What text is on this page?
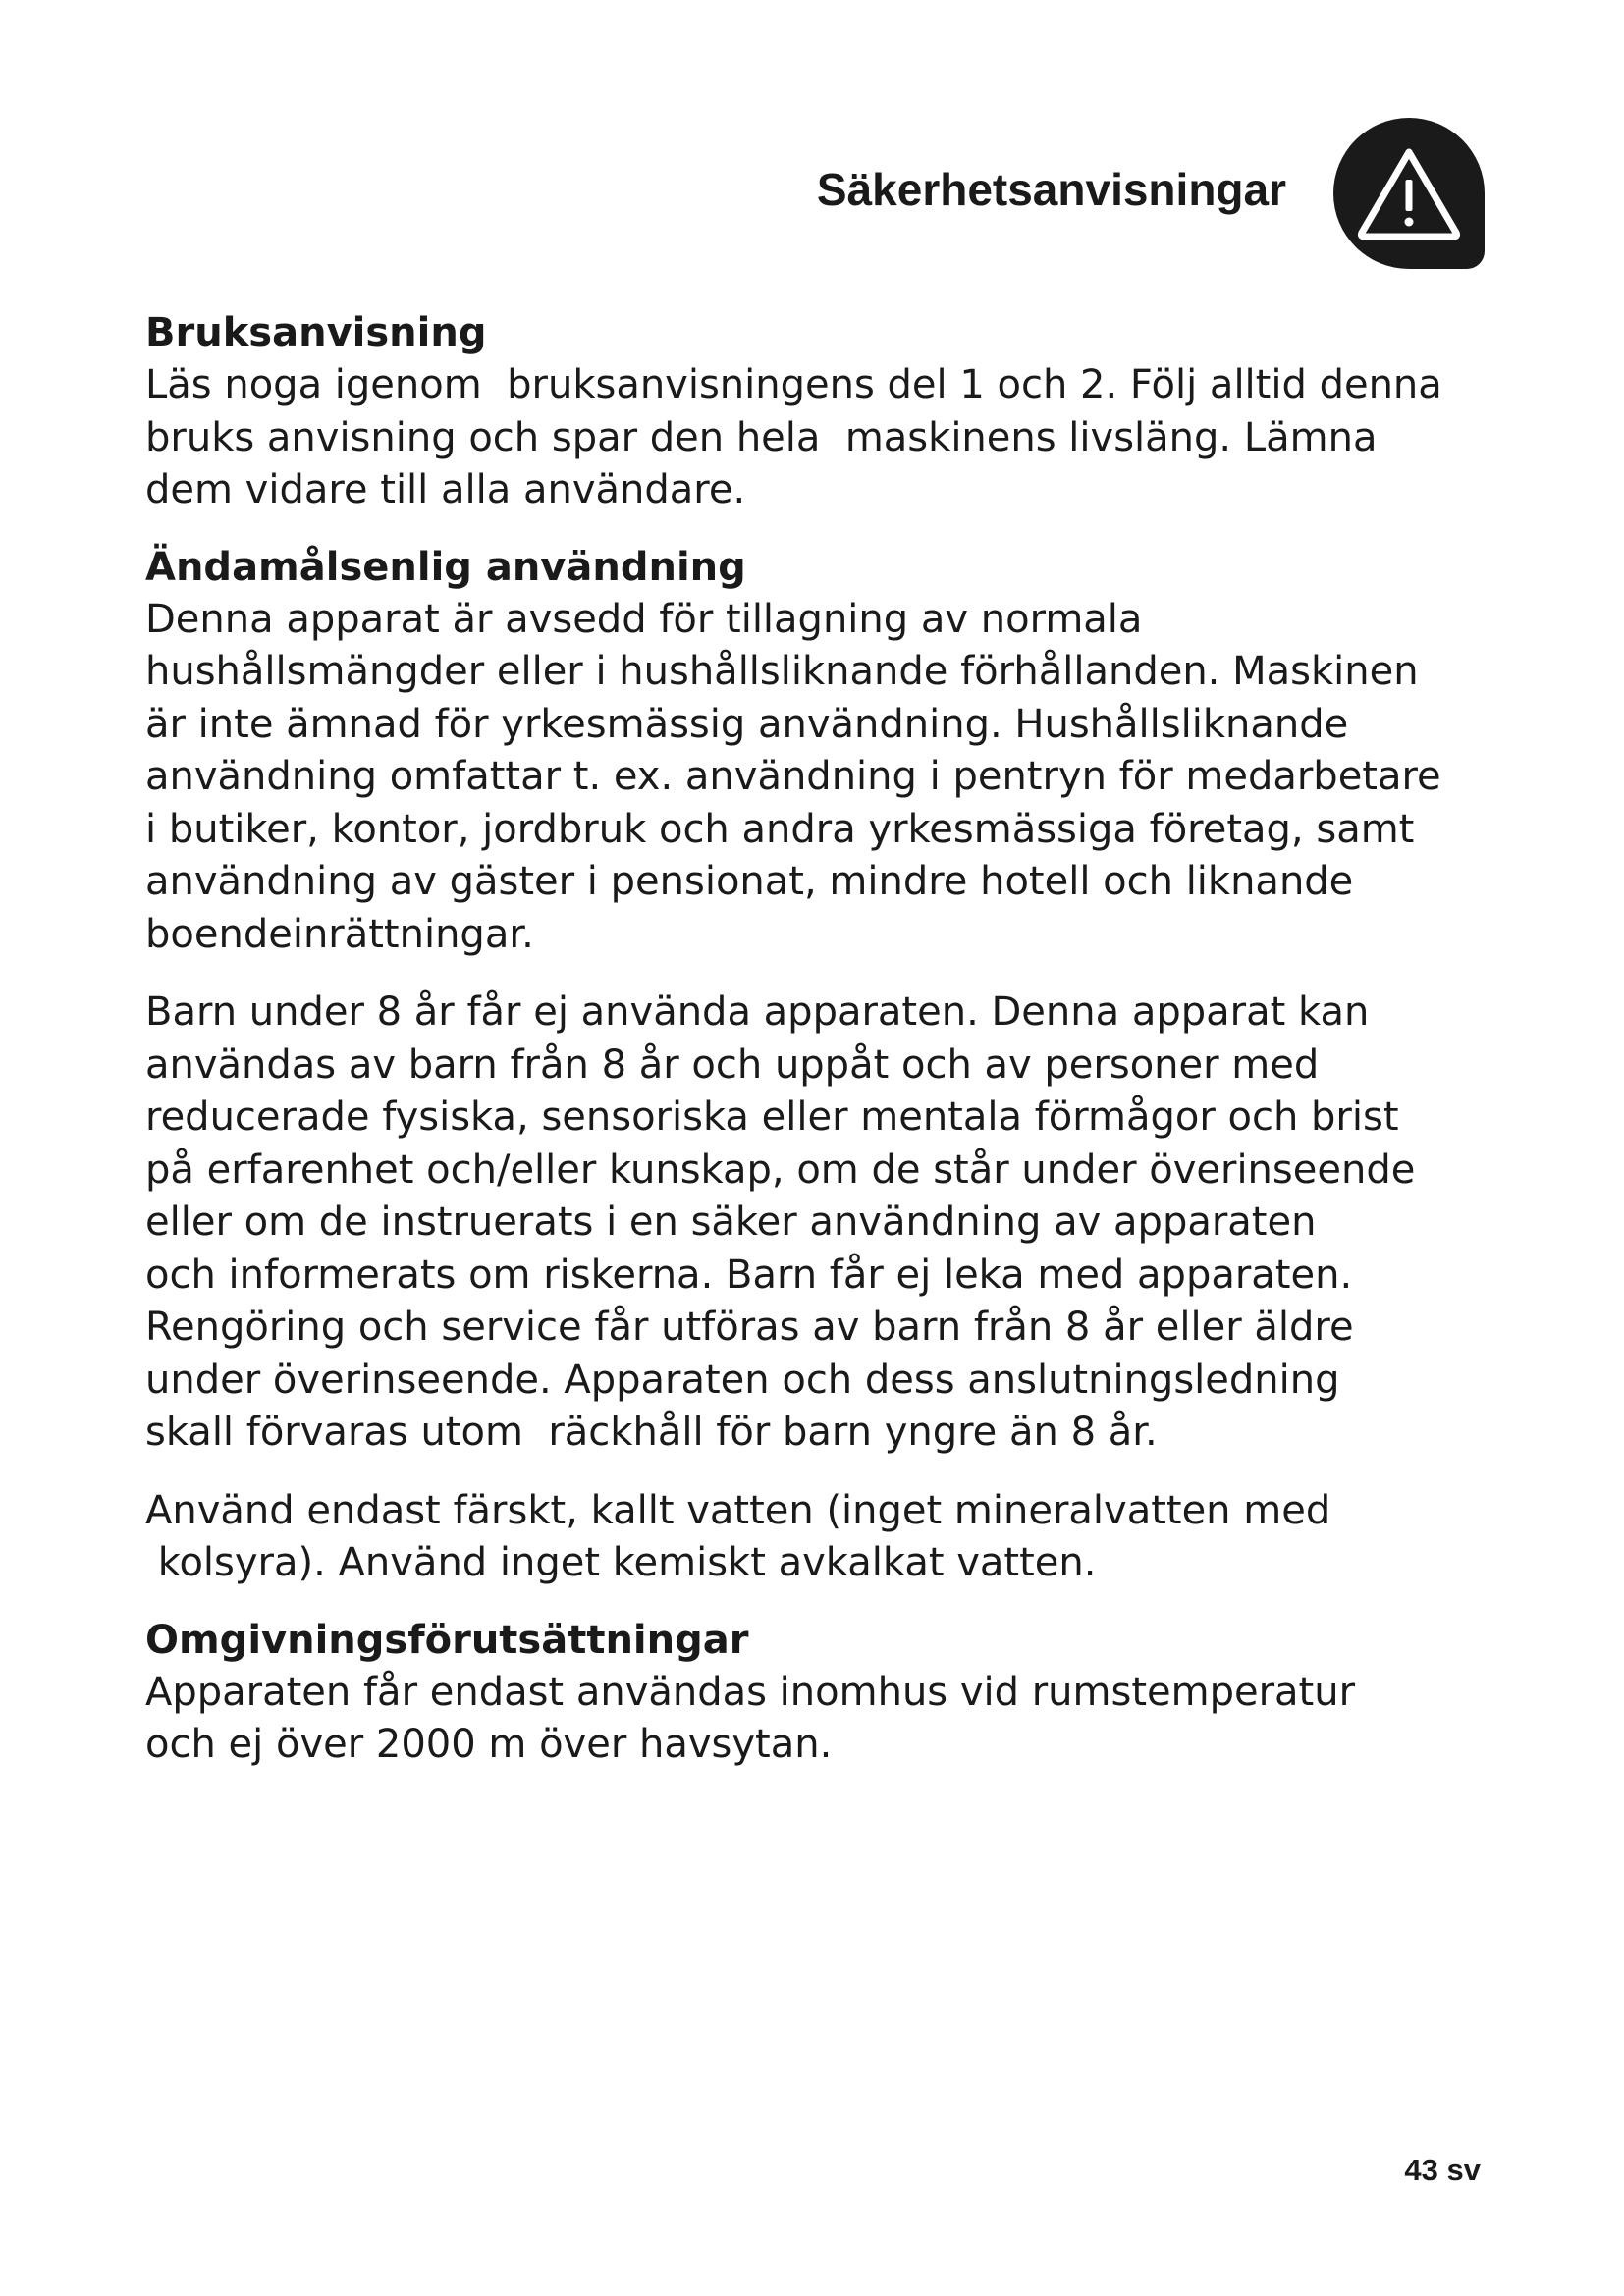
Säkerhetsanvisningar
Bruksanvisning

Läs noga igenom  bruksanvisningens del 1 och 2. Följ alltid denna
bruks anvisning och spar den hela  maskinens livsläng. Lämna
dem vidare till alla användare.

Ändamålsenlig användning

Denna apparat är avsedd för tillagning av normala
hushållsmängder eller i hushållsliknande förhållanden. Maskinen
är inte ämnad för yrkesmässig användning. Hushållsliknande
användning omfattar t. ex. användning i pentryn för medarbetare
i butiker, kontor, jordbruk och andra yrkesmässiga företag, samt
användning av gäster i pensionat, mindre hotell och liknande
boendeinrättningar.

Barn under 8 år får ej använda apparaten. Denna apparat kan
användas av barn från 8 år och uppåt och av personer med
reducerade fysiska, sensoriska eller mentala förmågor och brist
på erfarenhet och/eller kunskap, om de står under överinseende
eller om de instruerats i en säker användning av apparaten
och informerats om riskerna. Barn får ej leka med apparaten.
Rengöring och service får utföras av barn från 8 år eller äldre
under överinseende. Apparaten och dess anslutningsledning
skall förvaras utom  räckhåll för barn yngre än 8 år.

Använd endast färskt, kallt vatten (inget mineralvatten med
kolsyra). Använd inget kemiskt avkalkat vatten.

Omgivningsförutsättningar

Apparaten får endast användas inomhus vid rumstemperatur
och ej över 2000 m över havsytan.

43 sv
